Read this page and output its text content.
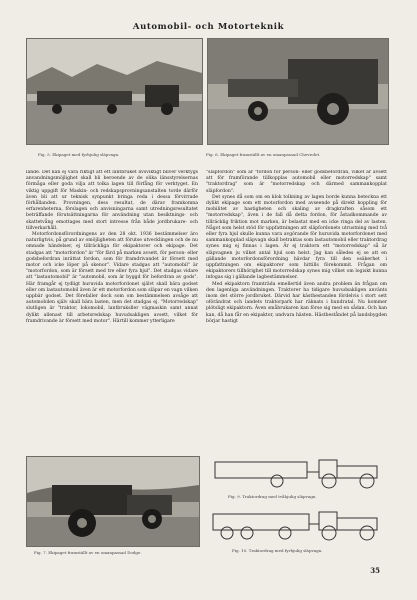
Automobil- och Motorteknik
Fig. 5. Ekipaget med fyrhjulig släpvagn.	Fig. 6. Ekipaget framställt av en omanpassad Chevrolet.

lande. Det kan ej vara riktigt att ett lantbruket livsviktigt bliver verktygs anvandningsmöjlighet skall bli beroende av de olika länsstyrelsernas förmåga eller goda vilja att tolka lagen till förfång för verktyget. En viktig uppgift för Maskin- och redskapsprovningsanstalten torde därför även bli att ur teknisk synpunkt bringa reda i dessa förvirrade förhållanden. Provningen, dess resultat, de därav framkomna erfarenheterna, förslagen och anvisningarna samt utredningsresultatet beträffande förutsättningarna för användning utan besiktnings- och skattetvång emottages med stort intresse från både jordbrukare- och tillverkarhåll.

Motorfordonsförordningens av den 28 okt. 1936 bestämmelser äro naturligtvis, på grund av omöjligheten att förutse utvecklingen och de nu omnade händelser, ej tillräckliga för ekipaktorer och ekipage. Det stadgas att "motorfordon" är "för färd på marken avsett, för person- eller godsbefordran inrättat fordon, som för framdrivandet är försett med motor och icke löper på skenor". Vidare stadgas att "automobil" är "motorfordon, som är försett med tre eller fyra hjul". Det stadgas vidare att "lastautomobil" är "automobil, som är byggd för befordran av gods". Här framgår ej tydligt huruvida motorfordonet självt skall bära godset eller om lastautomobil även är ett motorfordon som släpar en vagn vilken uppbär godset. Det förefaller dock som om bestämmelsen avsåge att automobilen själv skall bära lasten, men det stadgas ej. "Motorredskap" slutligen är "traktor, lokomobil, lantbruksller vägmaskin samt annat dylikt allenast till arbetsredskap huvudsakligen avsett, vilket för framdrivande är försett med motor". Härtill kommer ytterligare

Fig. 7. Ekipaget framställt av en omanpassad Dodge.

"släpfordon" som är "fordon för person- eller godsbefordran, vilket är avsett att för framförande tillkopplas automobil eller motorredskap" samt "traktordrag" som är "motorredskap och därmed sammankopplat släpfordon".

Det synes då som om en klok tolkning av lagen borde kunna beteckna ett dylikt ekipage som ett motorfordon med avseende på direkt koppling för mobilitet av hastigheten och skaling av dragkraften såsom ett "motorredskap", även i de fall då detta fordon, för åstadkommande av tillräcklig friktion mot marken, är belastat med en icke ringa del av lasten. Något som helst stöd för uppfattningen att släpfordonets utrustning med två eller fyra hjul skulle kunna vara avgörande för huruvida motorfordonet med sammankopplad släpvagn skall betraktas som lastautomobil eller traktordrag synes mig ej finnas i lagen. Är ej traktorn ett "motorredskap" så är släpvagnen ju vilket antal hjul som helst. Jag kan således ej se att en gällande motorfordonsförordning hävdar fyra till den osäkerhet i uppfattningen om ekipaktorer som hittills förekommit. Frågan om ekipaktorers tillhörighet till motorredskap synes mig vilket om logiskt kunna infogas sig i gällande lagbestämmelser.

Med ekipaktorn framträda emellertid även andra problem än frågan om den lagenliga användningen. Traktorer ha tidigare huvudsakligen använts inom det större jordbruket. Därvid har kästhestanden fördelvis i stort sett oförändrat och landets traktorpark har räknats i hundratal. Nu kommer plötsligt ekipaktorn. Även småbrukaren kan förse sig med en sådan. Och han kan, då han får en ekipaktor, undvara hästen. Hästbeståndet på landsbygden börjar hastigt

Fig. 9. Traktordrag med tvåhjulig släpvagn.
Fig. 10. Traktordrag med fyrhjulig släpvagn.
35
